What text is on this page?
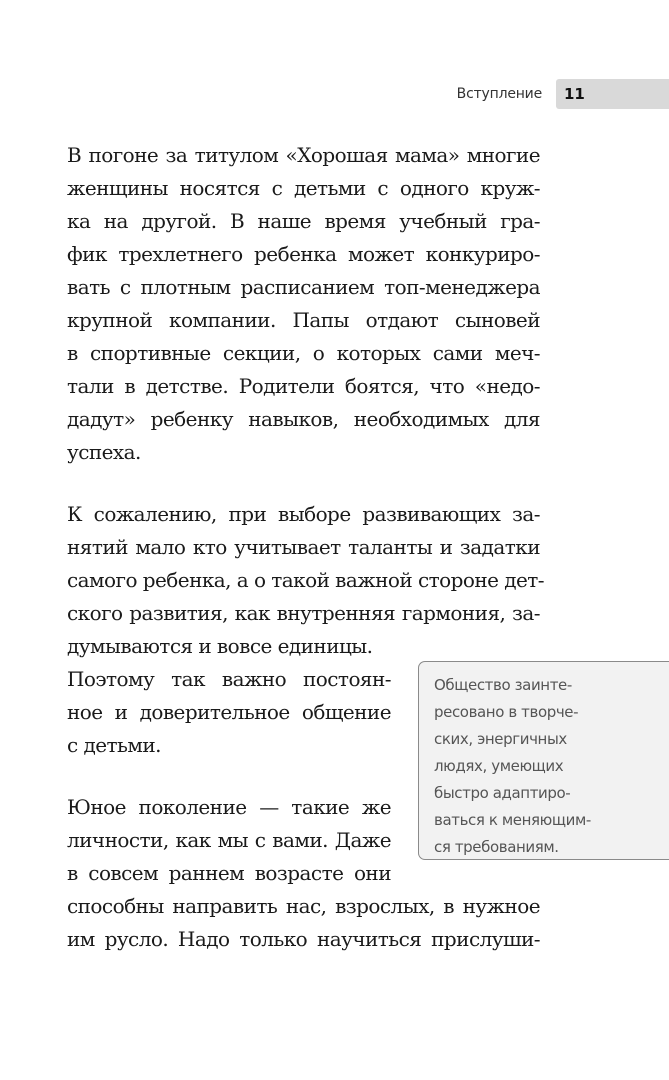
Вступление	11
В погоне за титулом «Хорошая мама» многие
женщины носятся с детьми с одного круж-
ка на другой. В наше время учебный гра-
фик трехлетнего ребенка может конкуриро-
вать с плотным расписанием топ-менеджера
крупной компании. Папы отдают сыновей
в спортивные секции, о которых сами меч-
тали в детстве. Родители боятся, что «недо-
дадут» ребенку навыков, необходимых для
успеха.
К сожалению, при выборе развивающих за-
нятий мало кто учитывает таланты и задатки
самого ребенка, а о такой важной стороне дет-
ского развития, как внутренняя гармония, за-
думываются и вовсе единицы.
Поэтому так важно постоян-
ное и доверительное общение
с детьми.
Юное поколение — такие же
личности, как мы с вами. Даже
в совсем раннем возрасте они
способны направить нас, взрослых, в нужное
им русло. Надо только научиться прислуши-
Общество заинте-
ресовано в творче-
ских, энергичных
людях, умеющих
быстро адаптиро-
ваться к меняющим-
ся требованиям.
